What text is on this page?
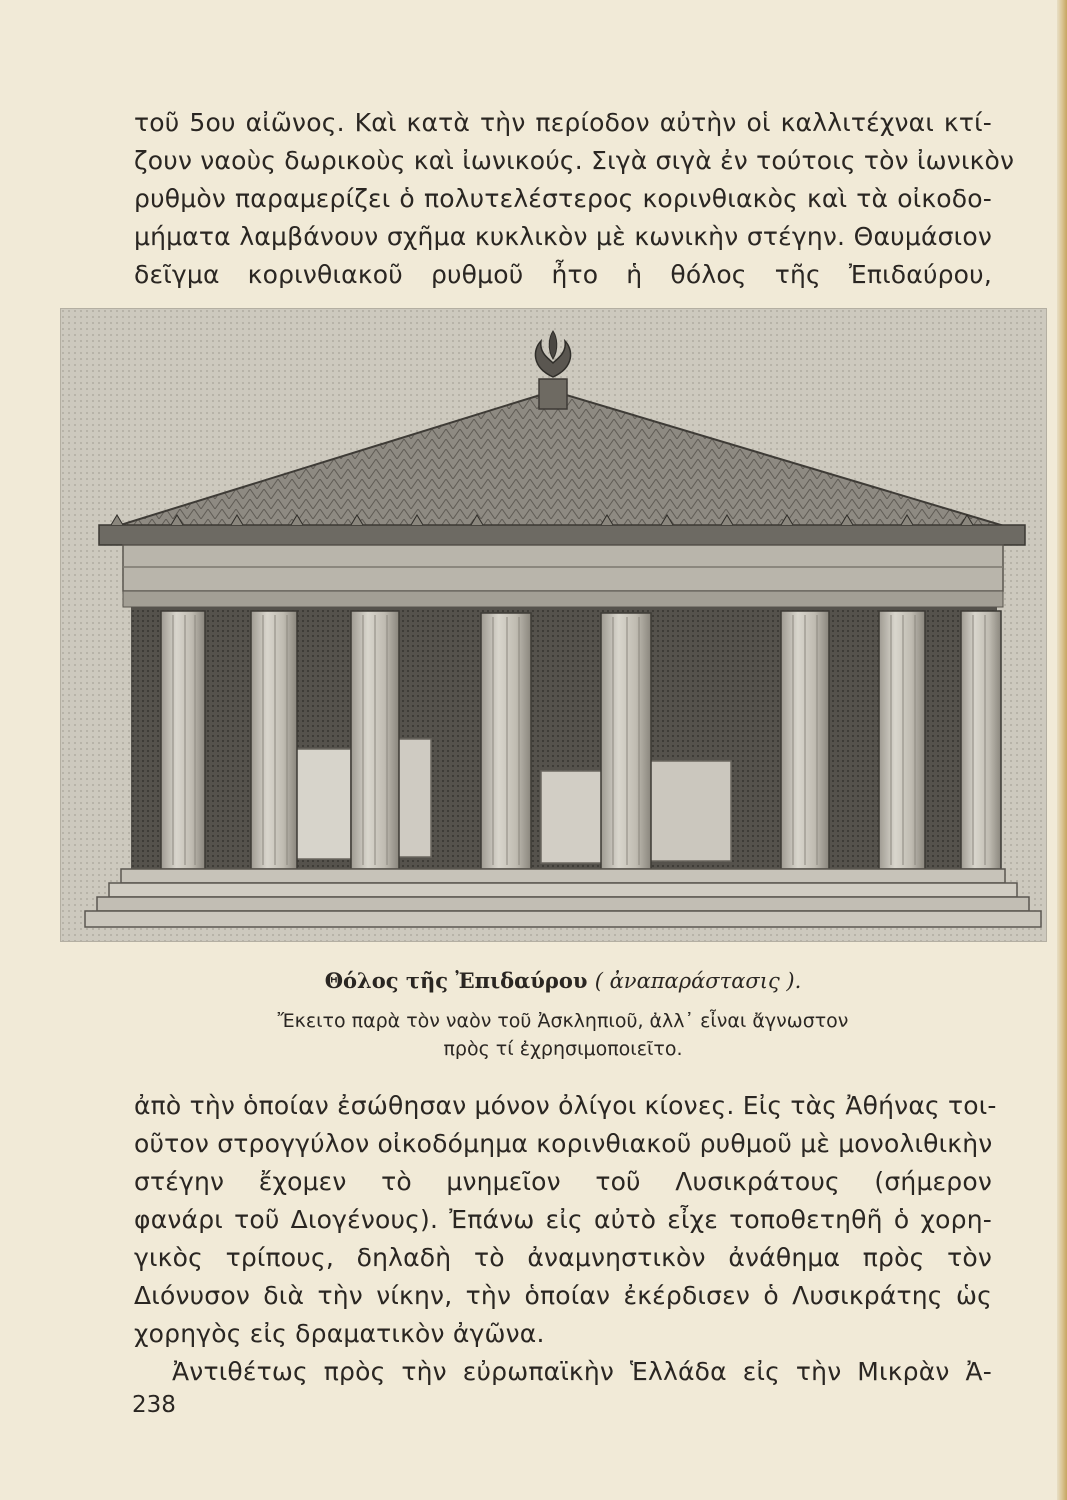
τοῦ 5ου αἰῶνος. Καὶ κατὰ τὴν περίοδον αὐτὴν οἱ καλλιτέχναι κτί-
ζουν ναοὺς δωρικοὺς καὶ ἰωνικούς. Σιγὰ σιγὰ ἐν τούτοις τὸν ἰωνικὸν
ρυθμὸν παραμερίζει ὁ πολυτελέστερος κορινθιακὸς καὶ τὰ οἰκοδο-
μήματα λαμβάνουν σχῆμα κυκλικὸν μὲ κωνικὴν στέγην. Θαυμάσιον
δεῖγμα κορινθιακοῦ ρυθμοῦ ἦτο ἡ θόλος τῆς Ἐπιδαύρου,
Θόλος τῆς Ἐπιδαύρου ( ἀναπαράστασις ).
Ἔκειτο παρὰ τὸν ναὸν τοῦ Ἀσκληπιοῦ, ἀλλ᾽ εἶναι ἄγνωστον
πρὸς τί ἐχρησιμοποιεῖτο.
ἀπὸ τὴν ὁποίαν ἐσώθησαν μόνον ὀλίγοι κίονες. Εἰς τὰς Ἀθήνας τοι-
οῦτον στρογγύλον οἰκοδόμημα κορινθιακοῦ ρυθμοῦ μὲ μονολιθικὴν
στέγην ἔχομεν τὸ μνημεῖον τοῦ Λυσικράτους (σήμερον
φανάρι τοῦ Διογένους). Ἐπάνω εἰς αὐτὸ εἶχε τοποθετηθῆ ὁ χορη-
γικὸς τρίπους, δηλαδὴ τὸ ἀναμνηστικὸν ἀνάθημα πρὸς τὸν
Διόνυσον διὰ τὴν νίκην, τὴν ὁποίαν ἐκέρδισεν ὁ Λυσικράτης ὡς
χορηγὸς εἰς δραματικὸν ἀγῶνα.
Ἀντιθέτως πρὸς τὴν εὐρωπαϊκὴν Ἑλλάδα εἰς τὴν Μικρὰν Ἀ-
238
